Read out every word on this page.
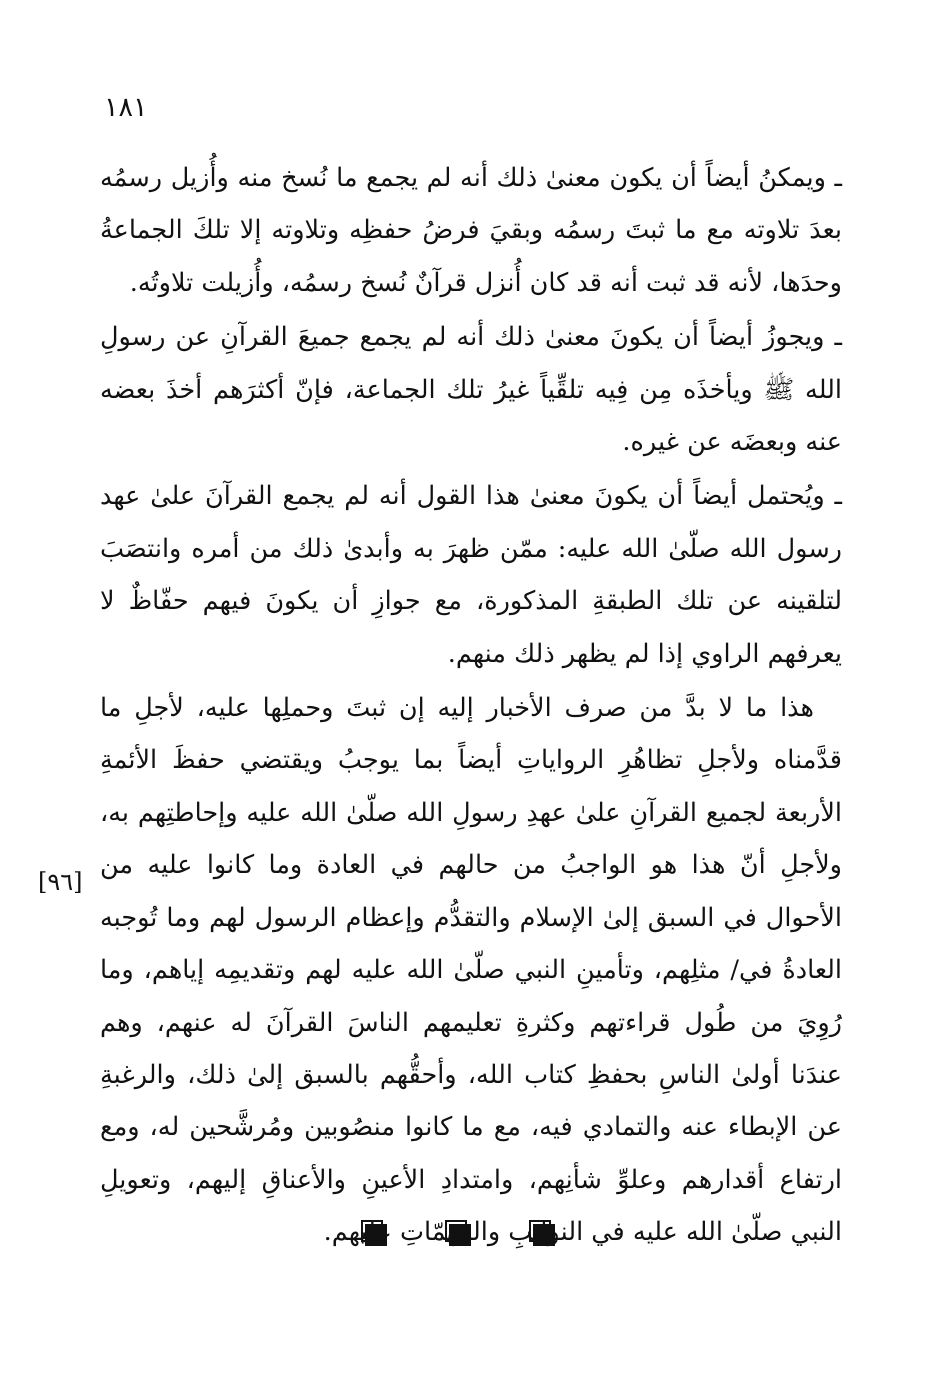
١٨١

ـ ويمكنُ أيضاً أن يكون معنىٰ ذلك أنه لم يجمع ما نُسخ منه وأُزيل رسمُه بعدَ تلاوته مع ما ثبتَ رسمُه وبقيَ فرضُ حفظِه وتلاوته إلا تلكَ الجماعةُ وحدَها، لأنه قد ثبت أنه قد كان أُنزل قرآنٌ نُسخ رسمُه، وأُزيلت تلاوتُه.

ـ ويجوزُ أيضاً أن يكونَ معنىٰ ذلك أنه لم يجمع جميعَ القرآنِ عن رسولِ الله ﷺ ويأخذَه مِن فِيه تلقِّياً غيرُ تلك الجماعة، فإنّ أكثرَهم أخذَ بعضه عنه وبعضَه عن غيره.

ـ ويُحتمل أيضاً أن يكونَ معنىٰ هذا القول أنه لم يجمع القرآنَ علىٰ عهد رسول الله صلّىٰ الله عليه: ممّن ظهرَ به وأبدىٰ ذلك من أمره وانتصَبَ لتلقينه عن تلك الطبقةِ المذكورة، مع جوازِ أن يكونَ فيهم حفّاظٌ لا يعرفهم الراوي إذا لم يظهر ذلك منهم.

هذا ما لا بدَّ من صرف الأخبار إليه إن ثبتَ وحملِها عليه، لأجلِ ما قدَّمناه ولأجلِ تظاهُرِ الرواياتِ أيضاً بما يوجبُ ويقتضي حفظَ الأئمةِ الأربعة لجميع القرآنِ علىٰ عهدِ رسولِ الله صلّىٰ الله عليه وإحاطتِهم به، ولأجلِ أنّ هذا هو الواجبُ من حالهم في العادة وما كانوا عليه من الأحوال في السبق إلىٰ الإسلام والتقدُّم وإعظام الرسول لهم وما تُوجبه العادةُ في/ مثلِهم، وتأمينِ النبي صلّىٰ الله عليه لهم وتقديمِه إياهم، وما رُوِيَ من طُول قراءتهم وكثرةِ تعليمهم الناسَ القرآنَ له عنهم، وهم عندَنا أولىٰ الناسِ بحفظِ كتاب الله، وأحقُّهم بالسبق إلىٰ ذلك، والرغبةِ عن الإبطاء عنه والتمادي فيه، مع ما كانوا منصُوبين ومُرشَّحين له، ومع ارتفاع أقدارهم وعلوِّ شأنِهم، وامتدادِ الأعينِ والأعناقِ إليهم، وتعويلِ النبي صلّىٰ الله عليه في النوائبِ والمهمّاتِ عليهم.

[٩٦]
